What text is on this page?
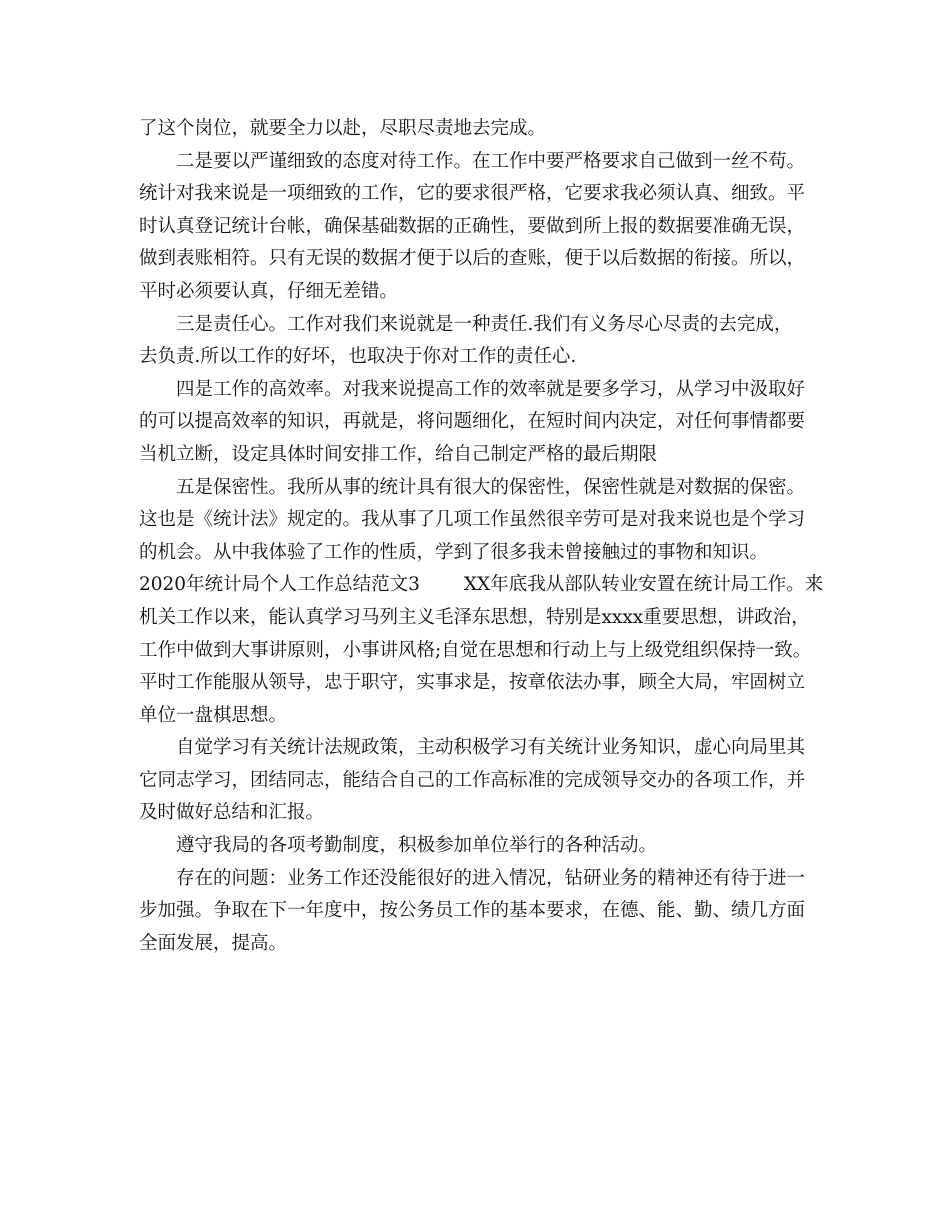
了这个岗位，就要全力以赴，尽职尽责地去完成。
二是要以严谨细致的态度对待工作。在工作中要严格要求自己做到一丝不苟。
统计对我来说是一项细致的工作，它的要求很严格，它要求我必须认真、细致。平
时认真登记统计台帐，确保基础数据的正确性，要做到所上报的数据要准确无误，
做到表账相符。只有无误的数据才便于以后的查账，便于以后数据的衔接。所以，
平时必须要认真，仔细无差错。
三是责任心。工作对我们来说就是一种责任.我们有义务尽心尽责的去完成，
去负责.所以工作的好坏，也取决于你对工作的责任心.
四是工作的高效率。对我来说提高工作的效率就是要多学习，从学习中汲取好
的可以提高效率的知识，再就是，将问题细化，在短时间内决定，对任何事情都要
当机立断，设定具体时间安排工作，给自己制定严格的最后期限
五是保密性。我所从事的统计具有很大的保密性，保密性就是对数据的保密。
这也是《统计法》规定的。我从事了几项工作虽然很辛劳可是对我来说也是个学习
的机会。从中我体验了工作的性质，学到了很多我未曾接触过的事物和知识。
2020年统计局个人工作总结范文3 XX年底我从部队转业安置在统计局工作。来
机关工作以来，能认真学习马列主义毛泽东思想，特别是xxxx重要思想，讲政治，
工作中做到大事讲原则，小事讲风格;自觉在思想和行动上与上级党组织保持一致。
平时工作能服从领导，忠于职守，实事求是，按章依法办事，顾全大局，牢固树立
单位一盘棋思想。
自觉学习有关统计法规政策，主动积极学习有关统计业务知识，虚心向局里其
它同志学习，团结同志，能结合自己的工作高标准的完成领导交办的各项工作，并
及时做好总结和汇报。
遵守我局的各项考勤制度，积极参加单位举行的各种活动。
存在的问题：业务工作还没能很好的进入情况，钻研业务的精神还有待于进一
步加强。争取在下一年度中，按公务员工作的基本要求，在德、能、勤、绩几方面
全面发展，提高。
